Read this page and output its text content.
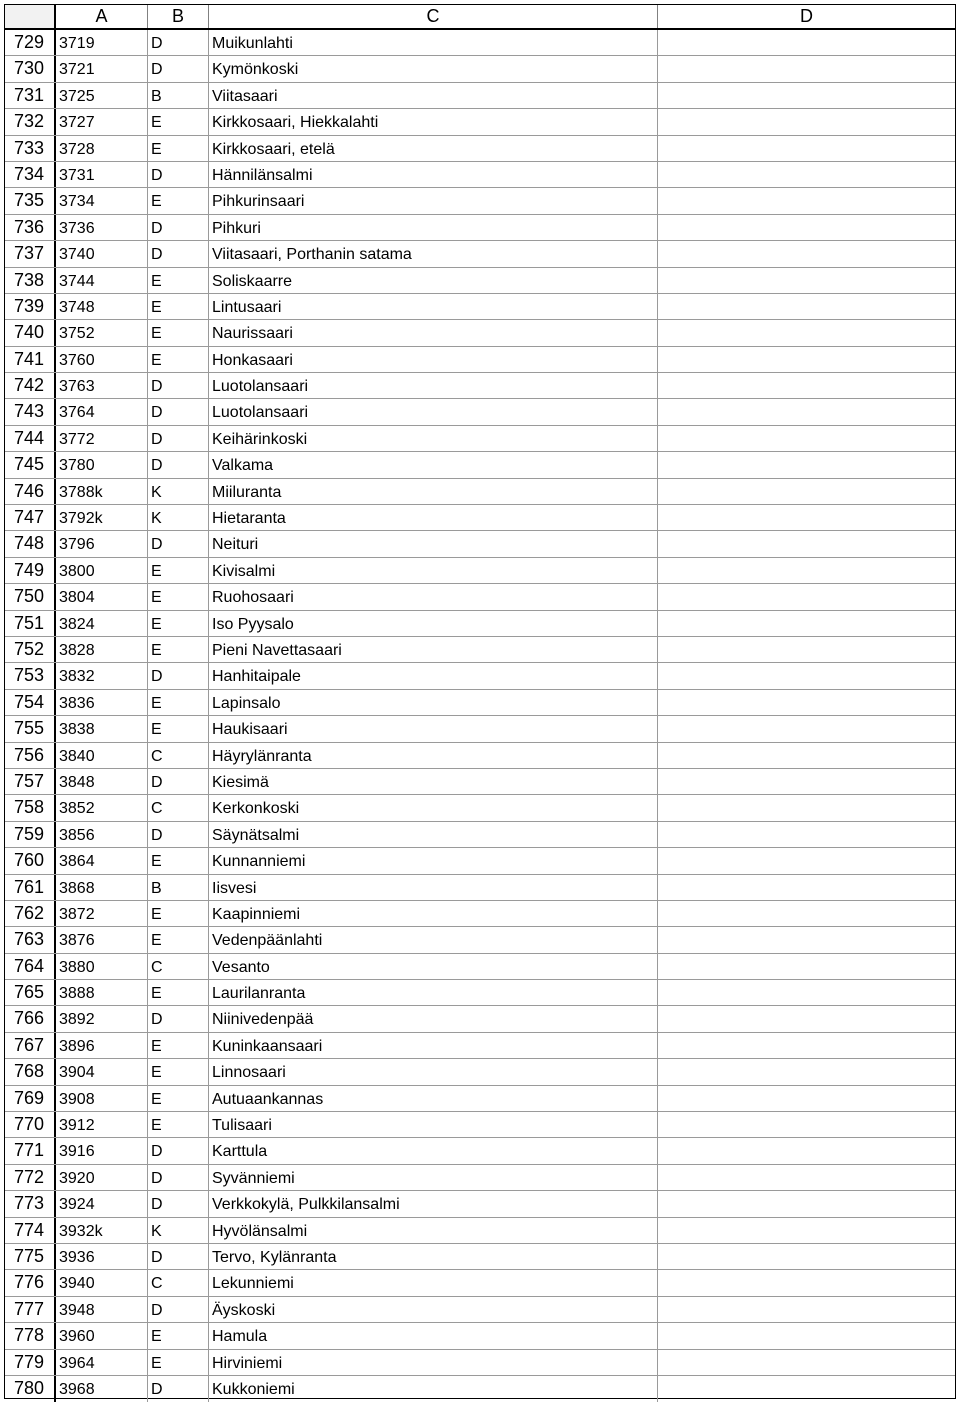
A	B	C	D
729 3719	D	Muikunlahti
730 3721	D	Kymönkoski
731 3725	B	Viitasaari
732 3727	E	Kirkkosaari, Hiekkalahti
733 3728	E	Kirkkosaari, etelä
734 3731	D	Hännilänsalmi
735 3734	E	Pihkurinsaari
736 3736	D	Pihkuri
737 3740	D	Viitasaari, Porthanin satama
738 3744	E	Soliskaarre
739 3748	E	Lintusaari
740 3752	E	Naurissaari
741 3760	E	Honkasaari
742 3763	D	Luotolansaari
743 3764	D	Luotolansaari
744 3772	D	Keihärinkoski
745 3780	D	Valkama
746 3788k	K	Miiluranta
747 3792k	K	Hietaranta
748 3796	D	Neituri
749 3800	E	Kivisalmi
750 3804	E	Ruohosaari
751 3824	E	Iso Pyysalo
752 3828	E	Pieni Navettasaari
753 3832	D	Hanhitaipale
754 3836	E	Lapinsalo
755 3838	E	Haukisaari
756 3840	C	Häyrylänranta
757 3848	D	Kiesimä
758 3852	C	Kerkonkoski
759 3856	D	Säynätsalmi
760 3864	E	Kunnanniemi
761 3868	B	Iisvesi
762 3872	E	Kaapinniemi
763 3876	E	Vedenpäänlahti
764 3880	C	Vesanto
765 3888	E	Laurilanranta
766 3892	D	Niinivedenpää
767 3896	E	Kuninkaansaari
768 3904	E	Linnosaari
769 3908	E	Autuaankannas
770 3912	E	Tulisaari
771 3916	D	Karttula
772 3920	D	Syvänniemi
773 3924	D	Verkkokylä, Pulkkilansalmi
774 3932k	K	Hyvölänsalmi
775 3936	D	Tervo, Kylänranta
776 3940	C	Lekunniemi
777 3948	D	Äyskoski
778 3960	E	Hamula
779 3964	E	Hirviniemi
780 3968	D	Kukkoniemi
